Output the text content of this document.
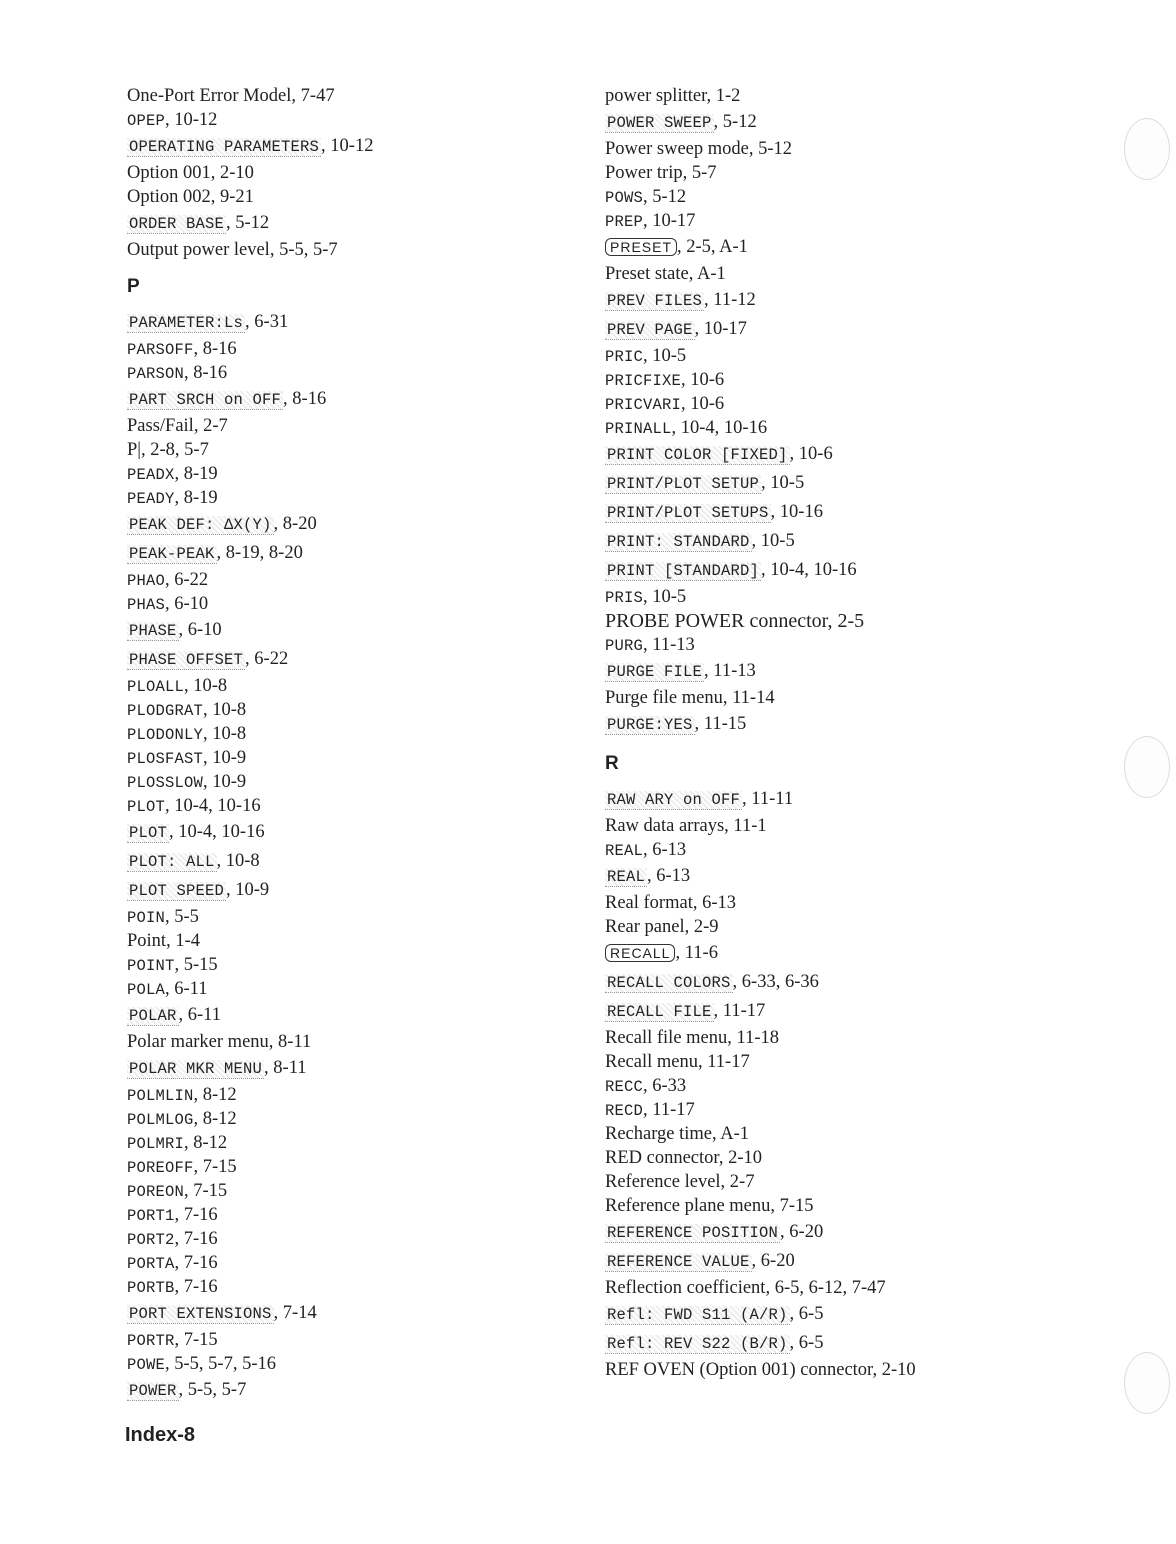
One-Port Error Model, 7-47
OPEP, 10-12
OPERATING PARAMETERS , 10-12
Option 001, 2-10
Option 002, 9-21
ORDER BASE , 5-12
Output power level, 5-5, 5-7
P
PARAMETER:Ls , 6-31
PARSOFF, 8-16
PARSON, 8-16
PART SRCH on OFF , 8-16
Pass/Fail, 2-7
P|, 2-8, 5-7
PEADX, 8-19
PEADY, 8-19
PEAK DEF: ΔX(Y) , 8-20
PEAK-PEAK , 8-19, 8-20
PHAO, 6-22
PHAS, 6-10
PHASE , 6-10
PHASE OFFSET , 6-22
PLOALL, 10-8
PLODGRAT, 10-8
PLODONLY, 10-8
PLOSFAST, 10-9
PLOSSLOW, 10-9
PLOT, 10-4, 10-16
PLOT , 10-4, 10-16
PLOT: ALL , 10-8
PLOT SPEED , 10-9
POIN, 5-5
Point, 1-4
POINT, 5-15
POLA, 6-11
POLAR , 6-11
Polar marker menu, 8-11
POLAR MKR MENU , 8-11
POLMLIN, 8-12
POLMLOG, 8-12
POLMRI, 8-12
POREOFF, 7-15
POREON, 7-15
PORT1, 7-16
PORT2, 7-16
PORTA, 7-16
PORTB, 7-16
PORT EXTENSIONS , 7-14
PORTR, 7-15
POWE, 5-5, 5-7, 5-16
POWER , 5-5, 5-7
power splitter, 1-2
POWER SWEEP , 5-12
Power sweep mode, 5-12
Power trip, 5-7
POWS, 5-12
PREP, 10-17
PRESET , 2-5, A-1
Preset state, A-1
PREV FILES , 11-12
PREV PAGE , 10-17
PRIC, 10-5
PRICFIXE, 10-6
PRICVARI, 10-6
PRINALL, 10-4, 10-16
PRINT COLOR [FIXED] , 10-6
PRINT/PLOT SETUP , 10-5
PRINT/PLOT SETUPS , 10-16
PRINT: STANDARD , 10-5
PRINT [STANDARD] , 10-4, 10-16
PRIS, 10-5
PROBE POWER connector, 2-5
PURG, 11-13
PURGE FILE , 11-13
Purge file menu, 11-14
PURGE:YES , 11-15
R
RAW ARY on OFF , 11-11
Raw data arrays, 11-1
REAL, 6-13
REAL , 6-13
Real format, 6-13
Rear panel, 2-9
RECALL , 11-6
RECALL COLORS , 6-33, 6-36
RECALL FILE , 11-17
Recall file menu, 11-18
Recall menu, 11-17
RECC, 6-33
RECD, 11-17
Recharge time, A-1
RED connector, 2-10
Reference level, 2-7
Reference plane menu, 7-15
REFERENCE POSITION , 6-20
REFERENCE VALUE , 6-20
Reflection coefficient, 6-5, 6-12, 7-47
Refl: FWD S11 (A/R) , 6-5
Refl: REV S22 (B/R) , 6-5
REF OVEN (Option 001) connector, 2-10
Index-8
